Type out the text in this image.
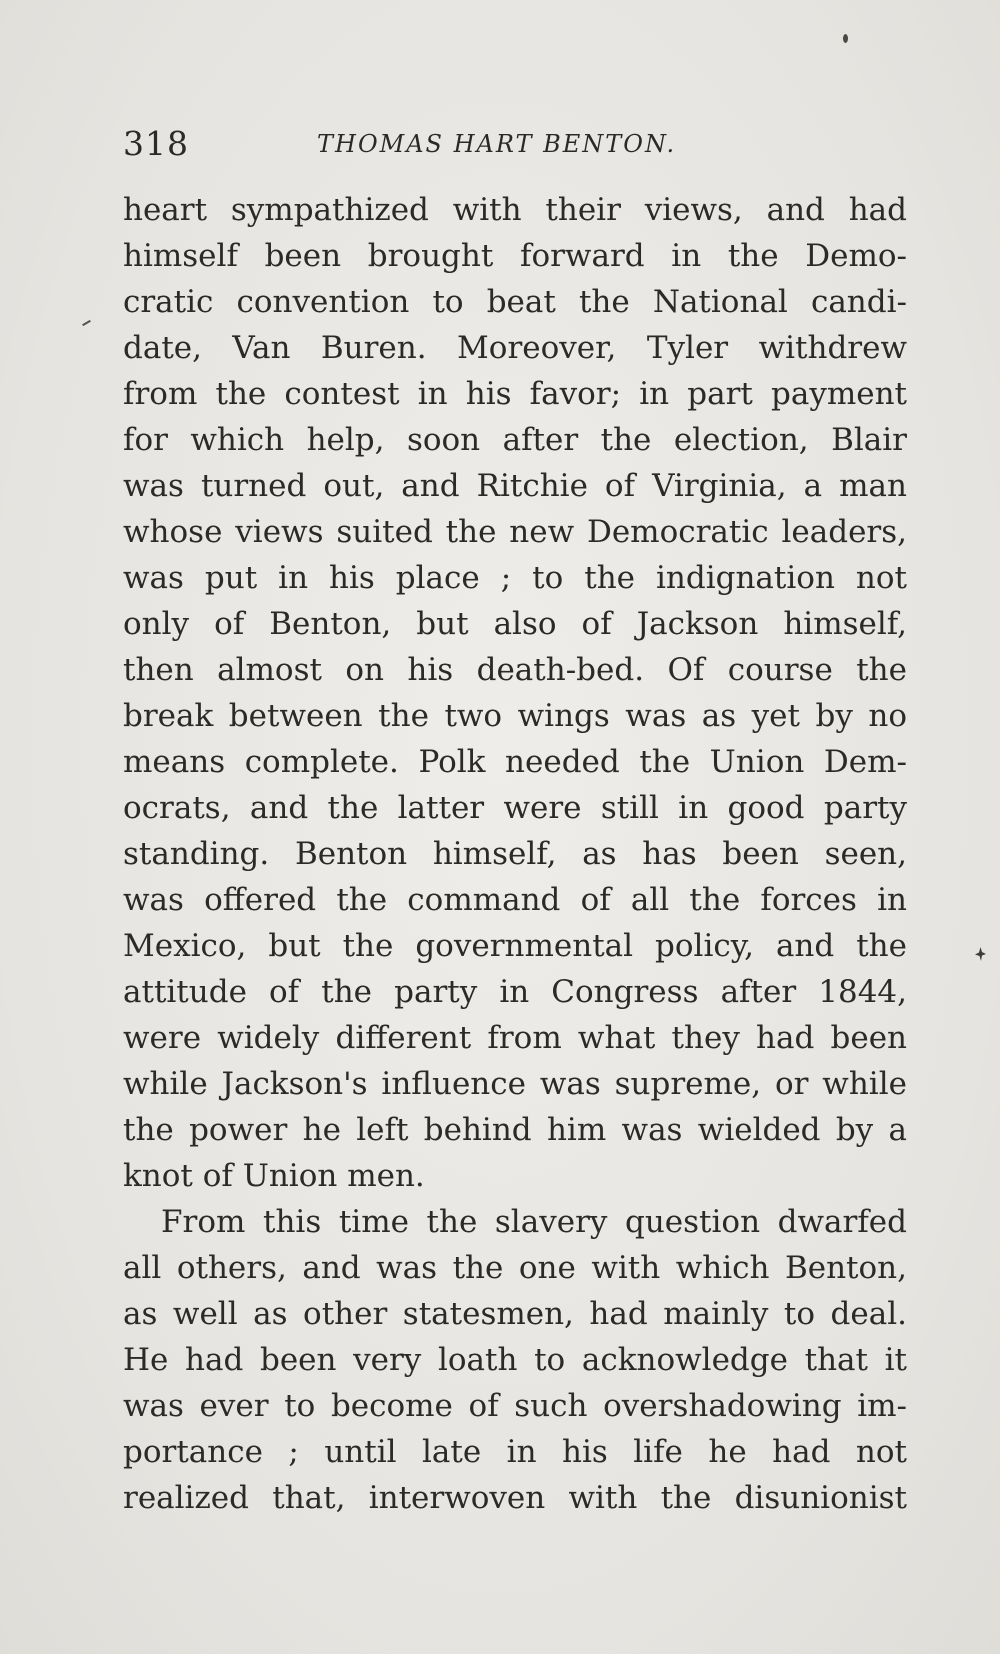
318	THOMAS HART BENTON.
heart sympathized with their views, and had
himself been brought forward in the Demo-
cratic convention to beat the National candi-
date, Van Buren. Moreover, Tyler withdrew
from the contest in his favor; in part payment
for which help, soon after the election, Blair
was turned out, and Ritchie of Virginia, a man
whose views suited the new Democratic leaders,
was put in his place ; to the indignation not
only of Benton, but also of Jackson himself,
then almost on his death-bed. Of course the
break between the two wings was as yet by no
means complete. Polk needed the Union Dem-
ocrats, and the latter were still in good party
standing. Benton himself, as has been seen,
was offered the command of all the forces in
Mexico, but the governmental policy, and the
attitude of the party in Congress after 1844,
were widely different from what they had been
while Jackson's influence was supreme, or while
the power he left behind him was wielded by a
knot of Union men.
From this time the slavery question dwarfed
all others, and was the one with which Benton,
as well as other statesmen, had mainly to deal.
He had been very loath to acknowledge that it
was ever to become of such overshadowing im-
portance ; until late in his life he had not
realized that, interwoven with the disunionist
